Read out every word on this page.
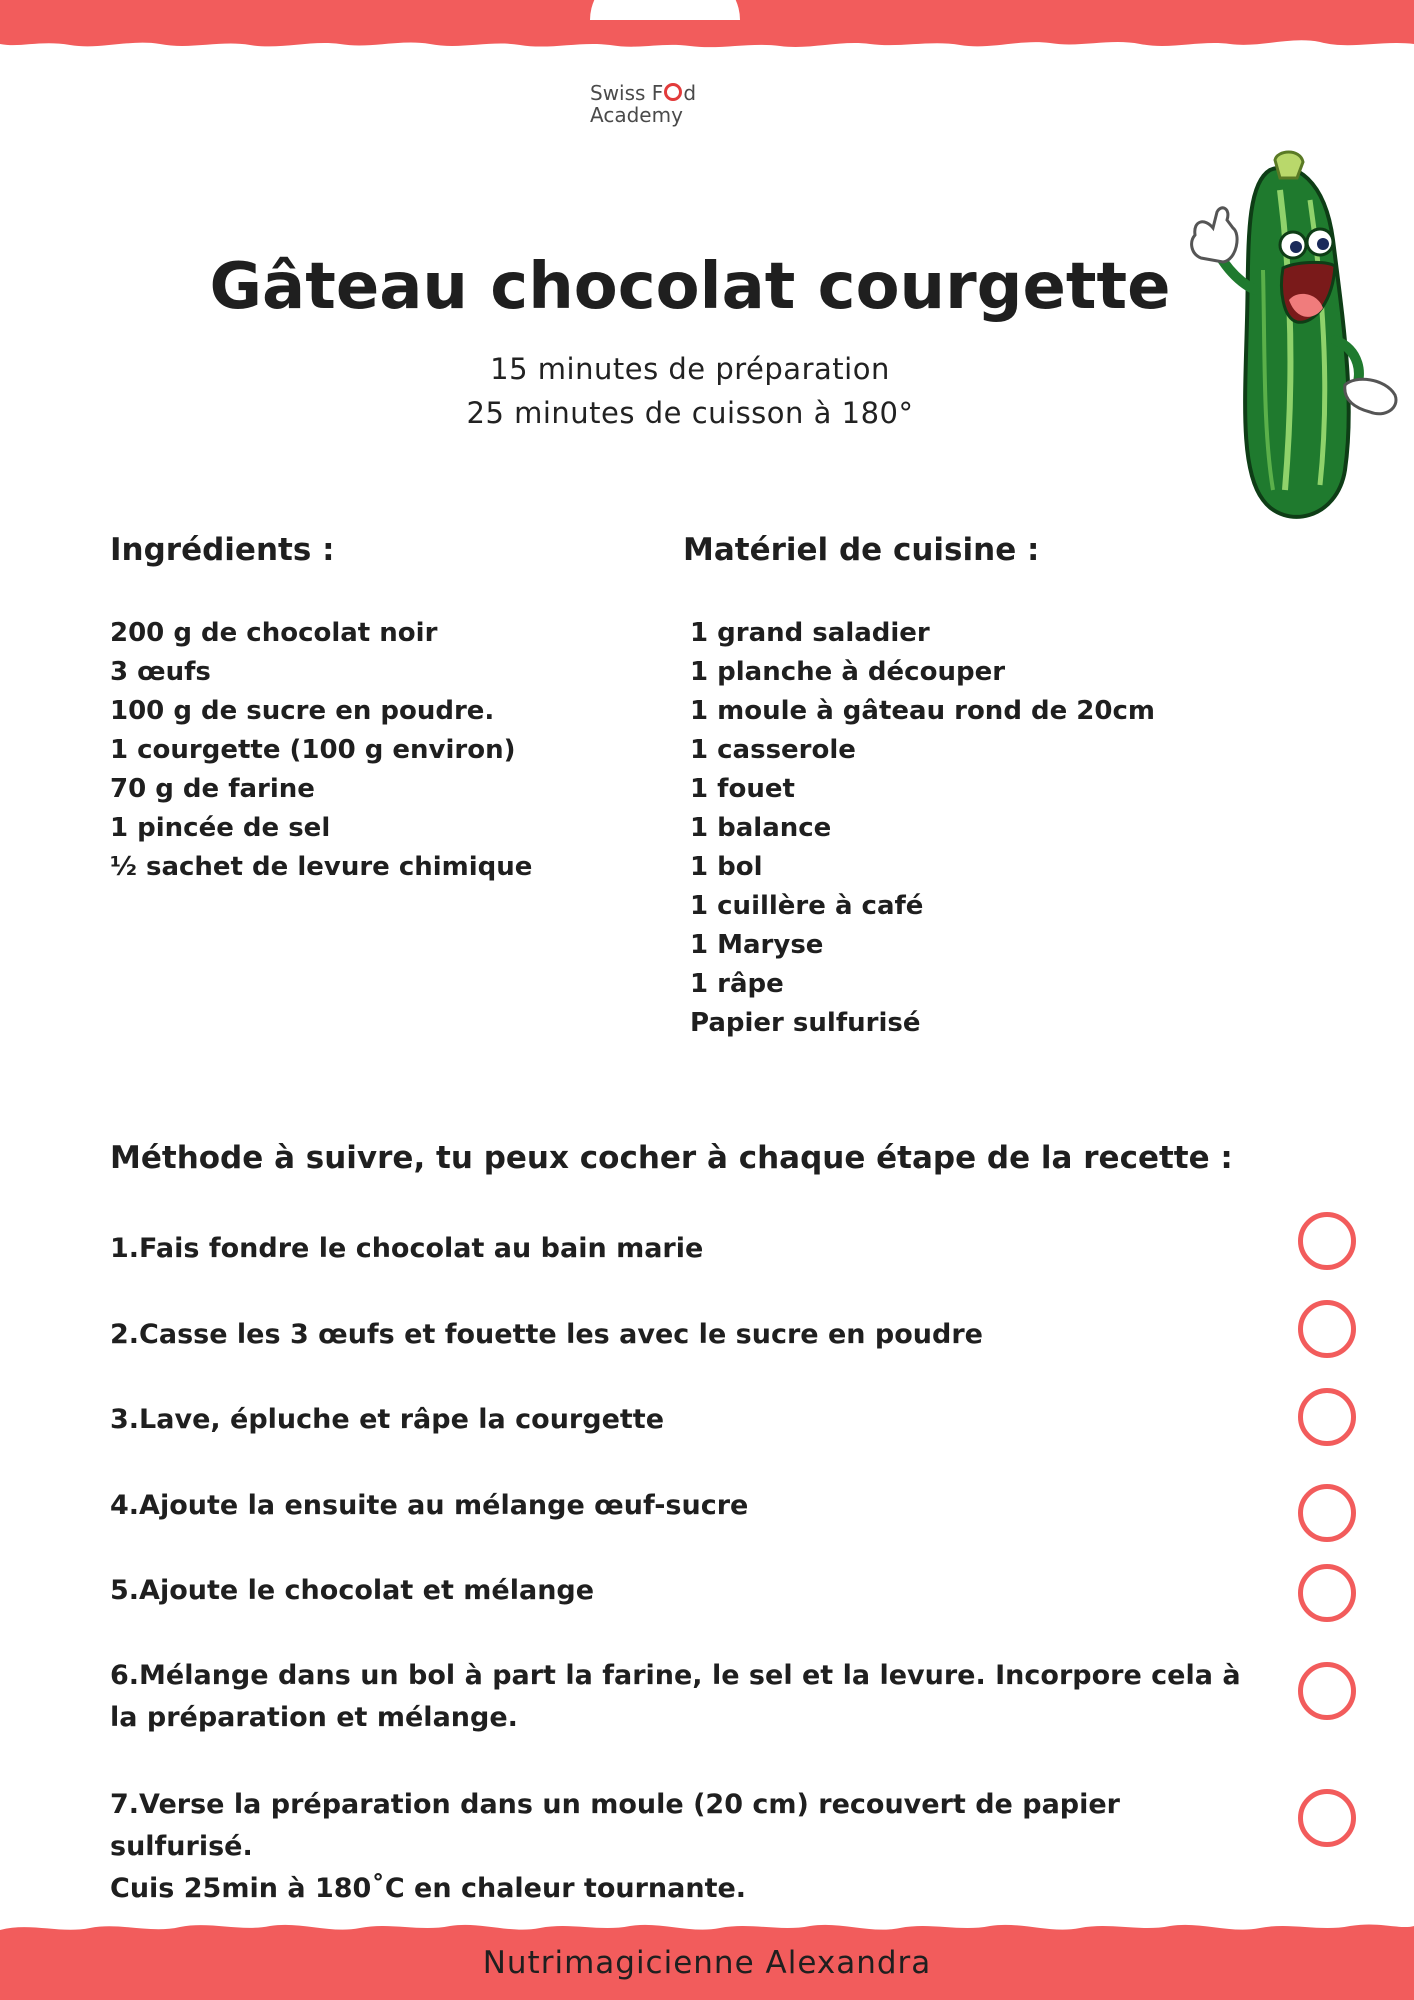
Swiss F d
Academy
Gâteau chocolat courgette
15 minutes de préparation
25 minutes de cuisson à 180°
Ingrédients :
200 g de chocolat noir
3 œufs
100 g de sucre en poudre.
1 courgette (100 g environ)
70 g de farine
1 pincée de sel
½ sachet de levure chimique
Matériel de cuisine :
1 grand saladier
1 planche à découper
1 moule à gâteau rond de 20cm
1 casserole
1 fouet
1 balance
1 bol
1 cuillère à café
1 Maryse
1 râpe
Papier sulfurisé
Méthode à suivre, tu peux cocher à chaque étape de la recette :
1.Fais fondre le chocolat au bain marie
2.Casse les 3 œufs et fouette les avec le sucre en poudre
3.Lave, épluche et râpe la courgette
4.Ajoute la ensuite au mélange œuf-sucre
5.Ajoute le chocolat et mélange
6.Mélange dans un bol à part la farine, le sel et la levure. Incorpore cela à
la préparation et mélange.
7.Verse la préparation dans un moule (20 cm) recouvert de papier
sulfurisé.
Cuis 25min à 180˚C en chaleur tournante.
Nutrimagicienne Alexandra
